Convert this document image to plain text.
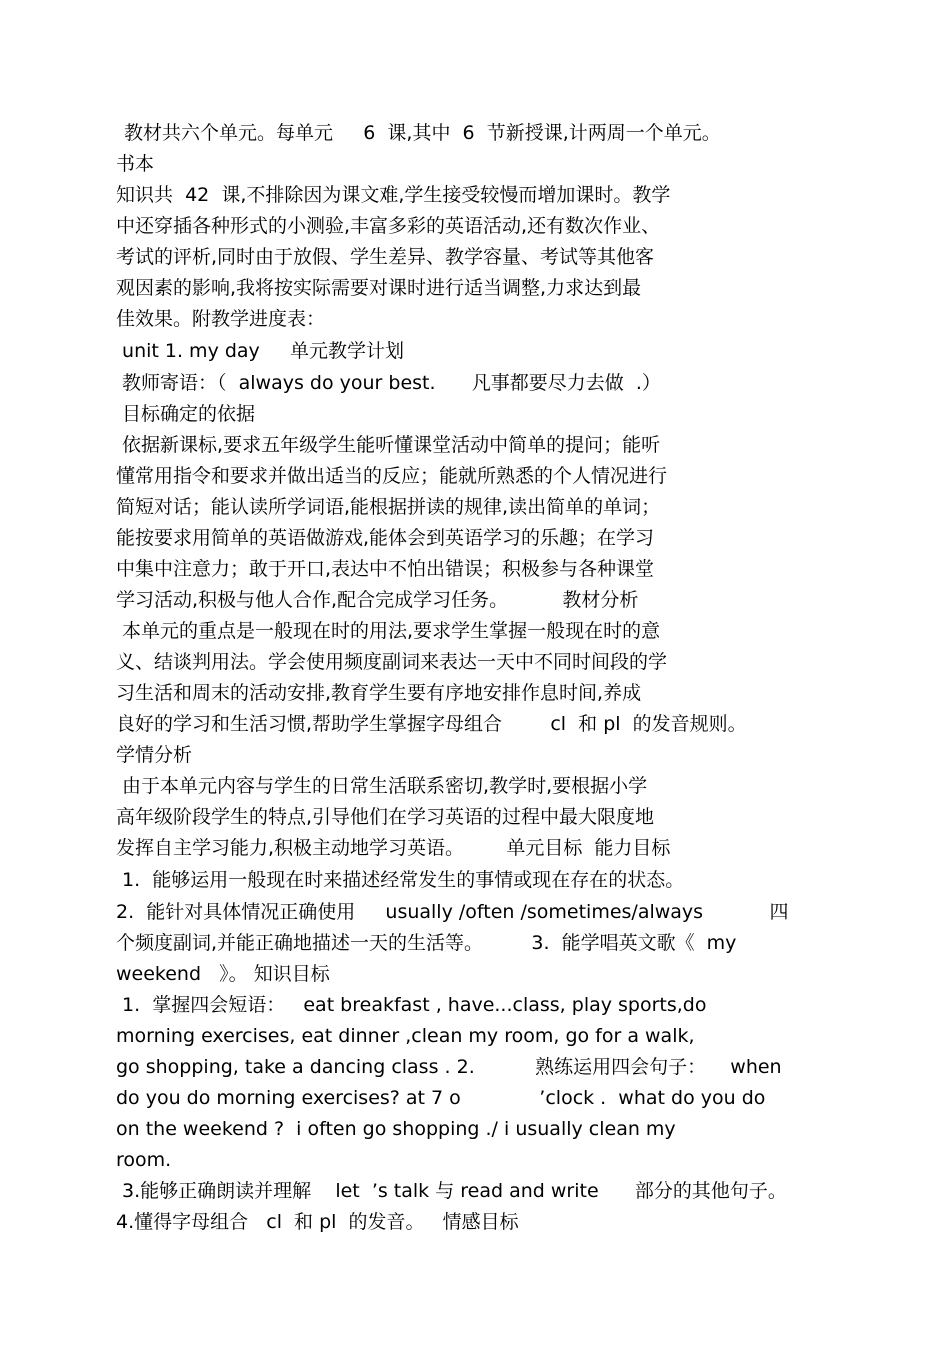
教材共六个单元。每单元     6  课,其中  6  节新授课,计两周一个单元。
书本
知识共  42  课,不排除因为课文难,学生接受较慢而增加课时。教学
中还穿插各种形式的小测验,丰富多彩的英语活动,还有数次作业、
考试的评析,同时由于放假、学生差异、教学容量、考试等其他客
观因素的影响,我将按实际需要对课时进行适当调整,力求达到最
佳效果。附教学进度表：
unit 1. my day     单元教学计划
教师寄语：（  always do your best.      凡事都要尽力去做  .）
目标确定的依据
依据新课标,要求五年级学生能听懂课堂活动中简单的提问；能听
懂常用指令和要求并做出适当的反应；能就所熟悉的个人情况进行
简短对话；能认读所学词语,能根据拼读的规律,读出简单的单词；
能按要求用简单的英语做游戏,能体会到英语学习的乐趣；在学习
中集中注意力；敢于开口,表达中不怕出错误；积极参与各种课堂
学习活动,积极与他人合作,配合完成学习任务。         教材分析
本单元的重点是一般现在时的用法,要求学生掌握一般现在时的意
义、结谈判用法。学会使用频度副词来表达一天中不同时间段的学
习生活和周末的活动安排,教育学生要有序地安排作息时间,养成
良好的学习和生活习惯,帮助学生掌握字母组合        cl  和 pl  的发音规则。
学情分析
由于本单元内容与学生的日常生活联系密切,教学时,要根据小学
高年级阶段学生的特点,引导他们在学习英语的过程中最大限度地
发挥自主学习能力,积极主动地学习英语。       单元目标  能力目标
1.  能够运用一般现在时来描述经常发生的事情或现在存在的状态。
2.  能针对具体情况正确使用     usually /often /sometimes/always           四
个频度副词,并能正确地描述一天的生活等。        3.  能学唱英文歌《  my
weekend   》。 知识目标
1.  掌握四会短语：   eat breakfast , have...class, play sports,do
morning exercises, eat dinner ,clean my room, go for a walk,
go shopping, take a dancing class . 2.          熟练运用四会句子：    when
do you do morning exercises? at 7 o             ’clock .  what do you do
on the weekend ?  i often go shopping ./ i usually clean my
room.
3.能够正确朗读并理解    let  ’s talk 与 read and write      部分的其他句子。
4.懂得字母组合   cl  和 pl  的发音。   情感目标
